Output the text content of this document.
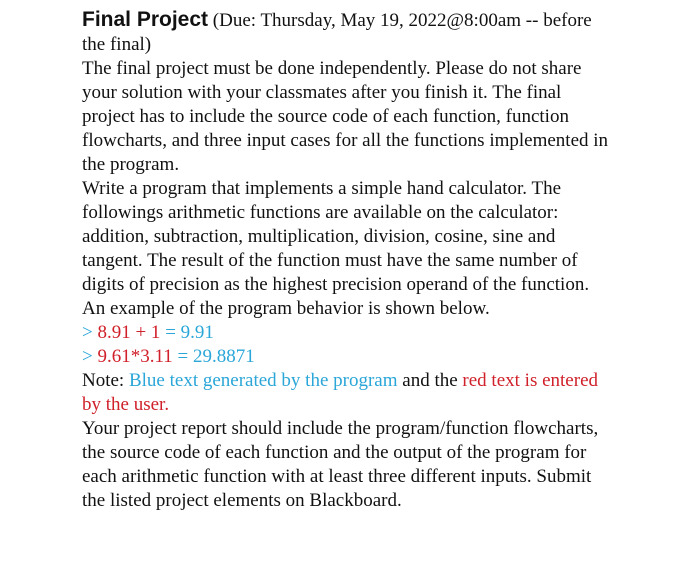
Final Project (Due: Thursday, May 19, 2022@8:00am -- before the final)

The final project must be done independently. Please do not share your solution with your classmates after you finish it. The final project has to include the source code of each function, function flowcharts, and three input cases for all the functions implemented in the program.

Write a program that implements a simple hand calculator. The followings arithmetic functions are available on the calculator: addition, subtraction, multiplication, division, cosine, sine and tangent. The result of the function must have the same number of digits of precision as the highest precision operand of the function. An example of the program behavior is shown below.

> 8.91 + 1 = 9.91

> 9.61*3.11 = 29.8871

Note: Blue text generated by the program and the red text is entered by the user.

Your project report should include the program/function flowcharts, the source code of each function and the output of the program for each arithmetic function with at least three different inputs. Submit the listed project elements on Blackboard.
